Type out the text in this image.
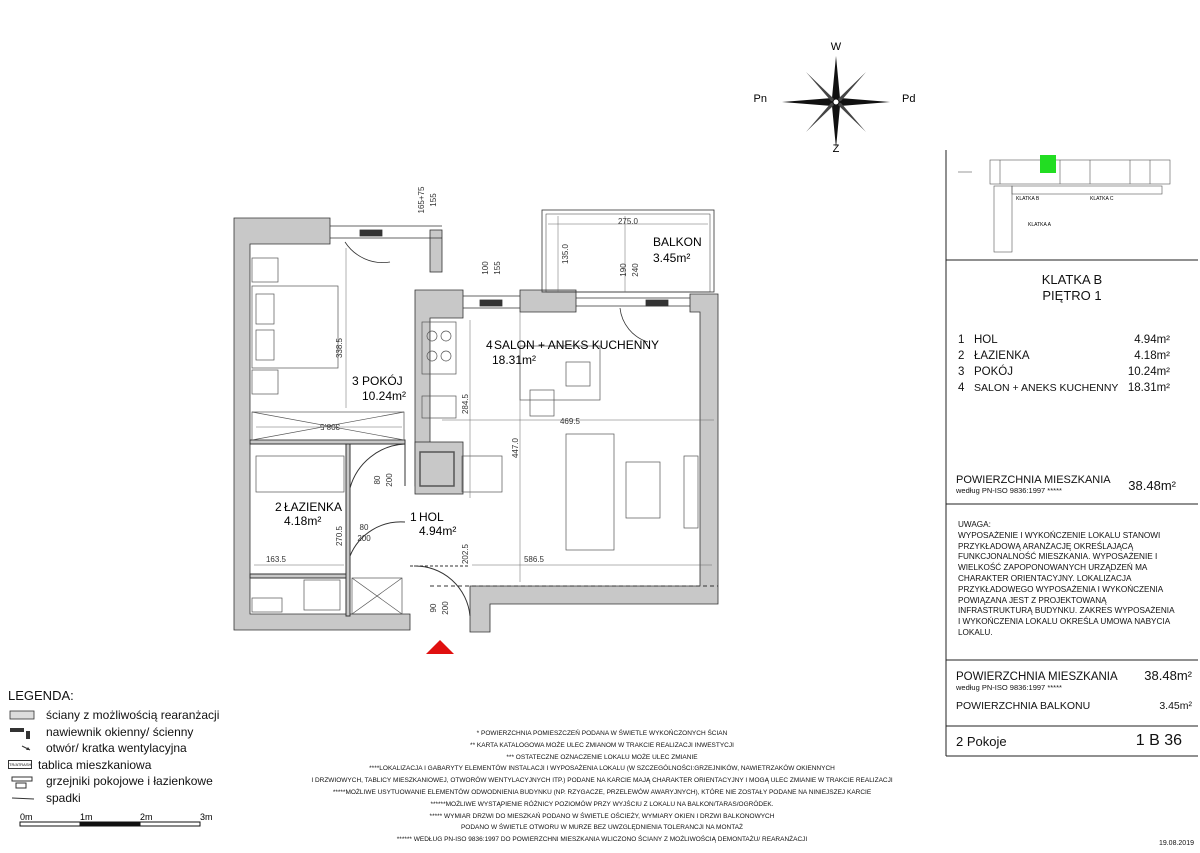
W
Z
Pn	Pd
275.0
135.0
165+75 155
100 155	190 240
338.5
469.5
284.5
447.0
308.5
80 200
80
200
270.5
163.5	202.5	586.5
90 200
4 SALON + ANEKS KUCHENNY
18.31m²
3 POKÓJ
10.24m²
2 ŁAZIENKA
4.18m²	1 HOL
4.94m²
BALKON
3.45m²
KLATKA B	KLATKA C
KLATKA A
0m	1m	2m	3m
KLATKA B
PIĘTRO 1
1 HOL	4.94m²
2 ŁAZIENKA	4.18m²
3 POKÓJ	10.24m²
4 SALON + ANEKS KUCHENNY 18.31m²
POWIERZCHNIA MIESZKANIA
według PN-ISO 9836:1997 *****	38.48m²
UWAGA:
WYPOSAŻENIE I WYKOŃCZENIE LOKALU STANOWI
PRZYKŁADOWĄ ARANŻACJĘ OKREŚLAJĄCĄ
FUNKCJONALNOŚĆ MIESZKANIA. WYPOSAŻENIE I
WIELKOŚĆ ZAPOPONOWANYCH URZĄDZEŃ MA
CHARAKTER ORIENTACYJNY. LOKALIZACJA
PRZYKŁADOWEGO WYPOSAŻENIA I WYKOŃCZENIA
POWIĄZANA JEST Z PROJEKTOWANĄ
INFRASTRUKTURĄ BUDYNKU. ZAKRES WYPOSAŻENIA
I WYKOŃCZENIA LOKALU OKREŚLA UMOWA NABYCIA
LOKALU.
POWIERZCHNIA MIESZKANIA 38.48m²
według PN-ISO 9836:1997 *****
POWIERZCHNIA BALKONU	3.45m²
2 Pokoje	1 B 36
LEGENDA:
ściany z możliwością rearanżacji
nawiewnik okienny/ ścienny
otwór/ kratka wentylacyjna
TR/ATRASH tablica mieszkaniowa
grzejniki pokojowe i łazienkowe
spadki
* POWIERZCHNIA POMIESZCZEŃ PODANA W ŚWIETLE WYKOŃCZONYCH ŚCIAN
** KARTA KATALOGOWA MOŻE ULEC ZMIANOM W TRAKCIE REALIZACJI INWESTYCJI
*** OSTATECZNE OZNACZENIE LOKALU MOŻE ULEC ZMIANIE
****LOKALIZACJA I GABARYTY ELEMENTÓW INSTALACJI I WYPOSAŻENIA LOKALU (W SZCZEGÓLNOŚCI:GRZEJNIKÓW, NAWIETRZAKÓW OKIENNYCH
I DRZWIOWYCH, TABLICY MIESZKANIOWEJ, OTWORÓW WENTYLACYJNYCH ITP.) PODANE NA KARCIE MAJĄ CHARAKTER ORIENTACYJNY I MOGĄ ULEC ZMIANIE W TRAKCIE REALIZACJI
*****MOŻLIWE USYTUOWANIE ELEMENTÓW ODWODNIENIA BUDYNKU (NP. RZYGACZE, PRZELEWÓW AWARYJNYCH), KTÓRE NIE ZOSTAŁY PODANE NA NINIEJSZEJ KARCIE
******MOŻLIWE WYSTĄPIENIE RÓŻNICY POZIOMÓW PRZY WYJŚCIU Z LOKALU NA BALKON/TARAS/OGRÓDEK.
***** WYMIAR DRZWI DO MIESZKAŃ PODANO W ŚWIETLE OŚCIEŻY, WYMIARY OKIEN I DRZWI BALKONOWYCH
PODANO W ŚWIETLE OTWORU W MURZE BEZ UWZGLĘDNIENIA TOLERANCJI NA MONTAŻ
****** WEDŁUG PN-ISO 9836:1997 DO POWIERZCHNI MIESZKANIA WLICZONO ŚCIANY Z MOŻLIWOŚCIĄ DEMONTAŻU/ REARANŻACJI
19.08.2019
